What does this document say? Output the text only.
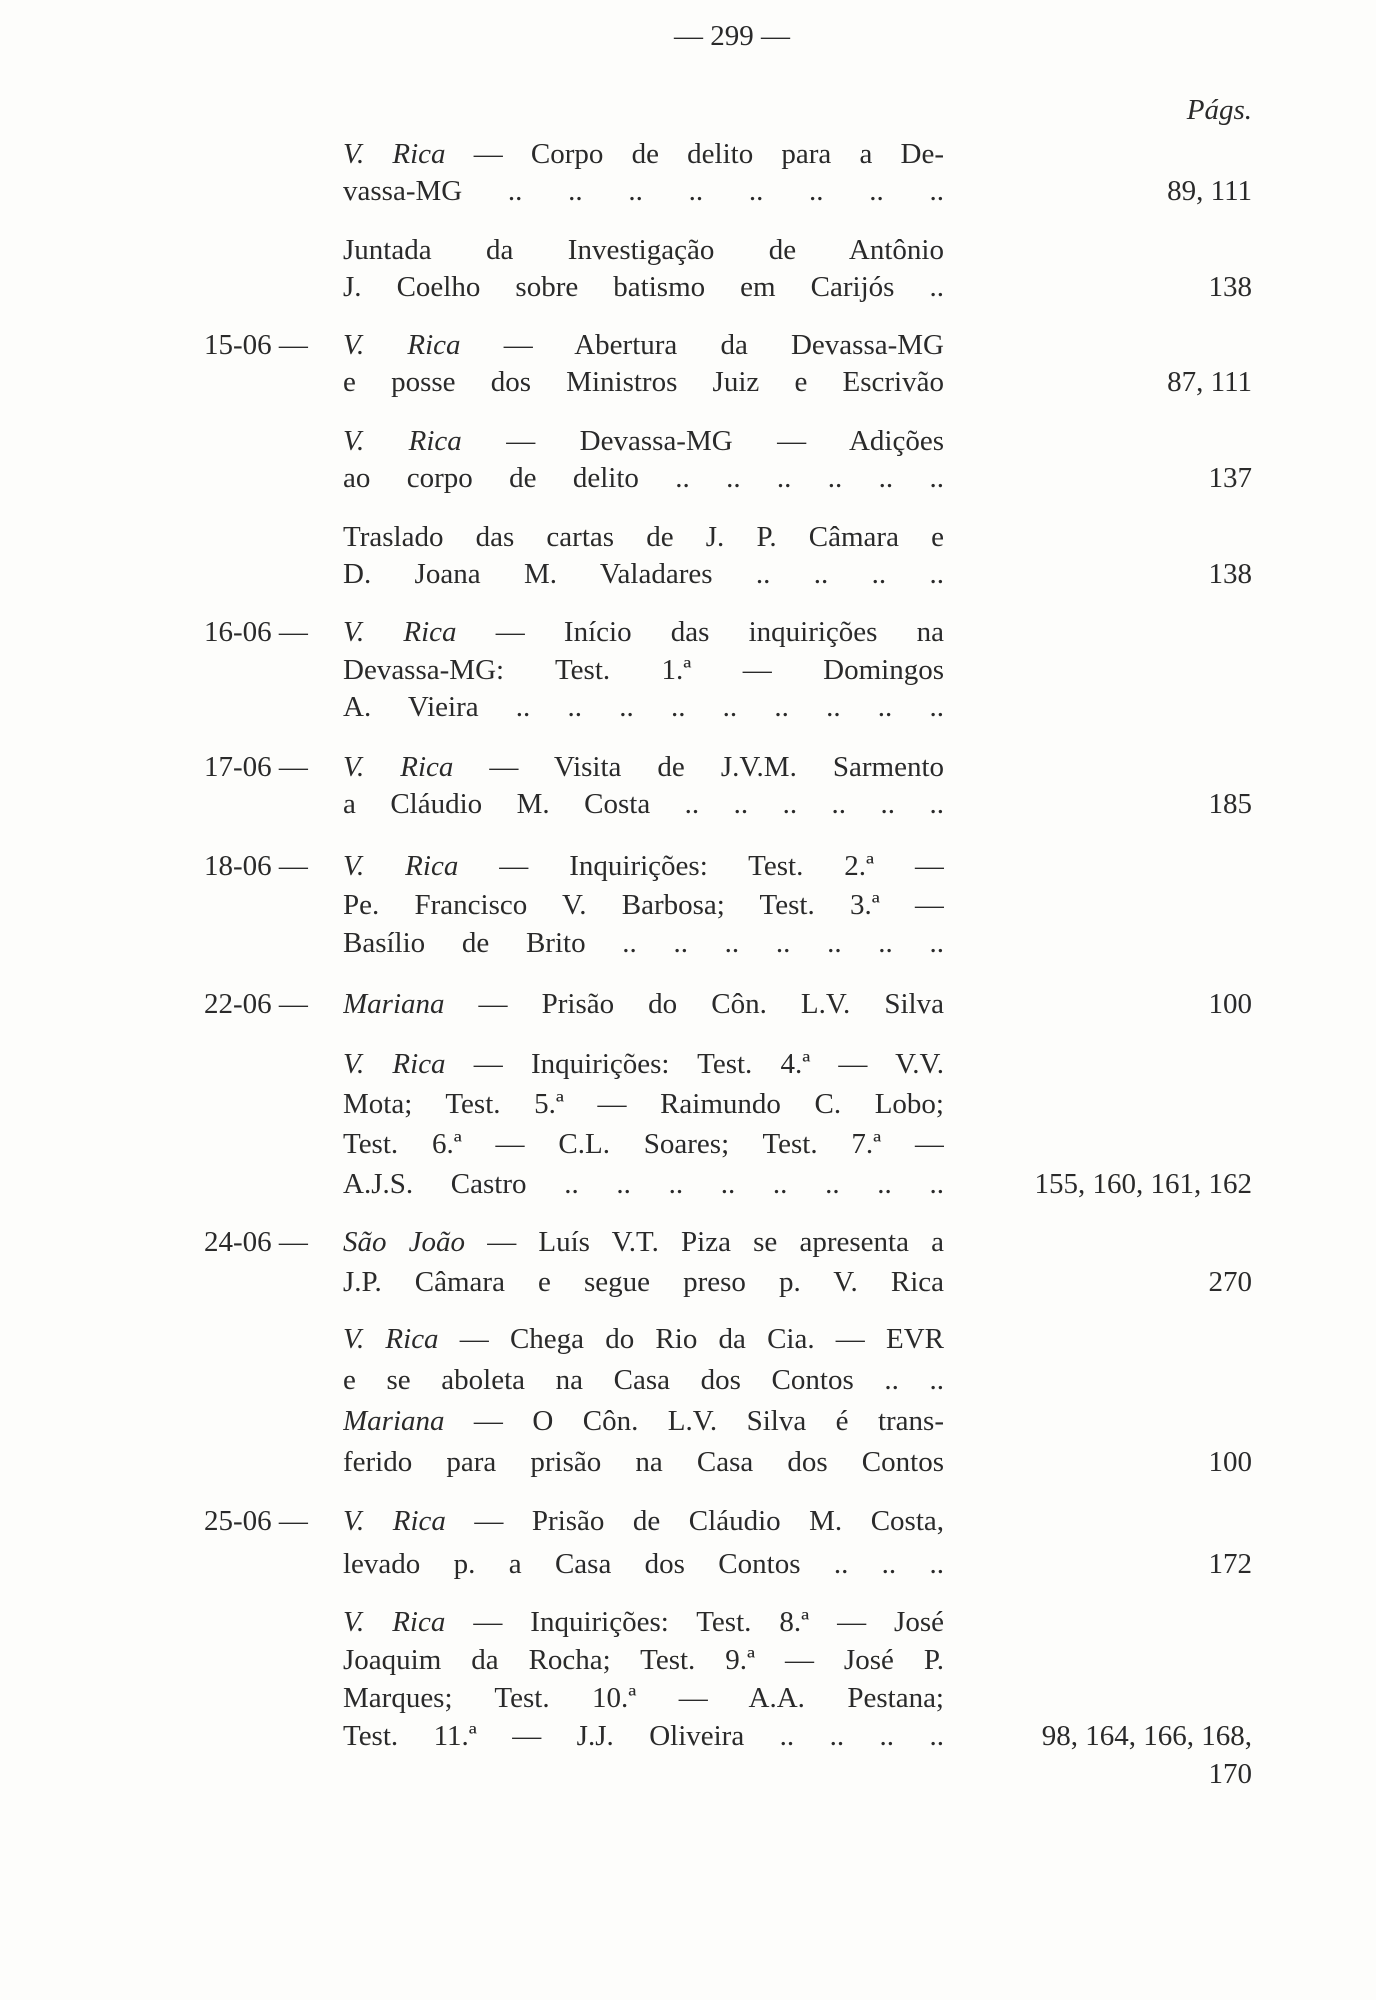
— 299 —
Págs.
V. Rica — Corpo de delito para a De-
vassa-MG .. .. .. .. .. .. .. ..	89, 111
Juntada da Investigação de Antônio
J. Coelho sobre batismo em Carijós ..	138
15-06 — V. Rica — Abertura da Devassa-MG
e posse dos Ministros Juiz e Escrivão	87, 111
V. Rica — Devassa-MG — Adições
ao corpo de delito .. .. .. .. .. ..	137
Traslado das cartas de J. P. Câmara e
D. Joana M. Valadares .. .. .. ..	138
16-06 — V. Rica — Início das inquirições na
Devassa-MG: Test. 1.ª — Domingos
A. Vieira .. .. .. .. .. .. .. .. ..
17-06 — V. Rica — Visita de J.V.M. Sarmento
a Cláudio M. Costa .. .. .. .. .. ..	185
18-06 — V. Rica — Inquirições: Test. 2.ª —
Pe. Francisco V. Barbosa; Test. 3.ª —
Basílio de Brito .. .. .. .. .. .. ..
22-06 — Mariana — Prisão do Côn. L.V. Silva	100
V. Rica — Inquirições: Test. 4.ª — V.V.
Mota; Test. 5.ª — Raimundo C. Lobo;
Test. 6.ª — C.L. Soares; Test. 7.ª —
A.J.S. Castro .. .. .. .. .. .. .. ..	155, 160, 161, 162
24-06 — São João — Luís V.T. Piza se apresenta a
J.P. Câmara e segue preso p. V. Rica	270
V. Rica — Chega do Rio da Cia. — EVR
e se aboleta na Casa dos Contos .. ..
Mariana — O Côn. L.V. Silva é trans-
ferido para prisão na Casa dos Contos	100
25-06 — V. Rica — Prisão de Cláudio M. Costa,
levado p. a Casa dos Contos .. .. ..	172
V. Rica — Inquirições: Test. 8.ª — José
Joaquim da Rocha; Test. 9.ª — José P.
Marques; Test. 10.ª — A.A. Pestana;
Test. 11.ª — J.J. Oliveira .. .. .. ..	98, 164, 166, 168,
170
